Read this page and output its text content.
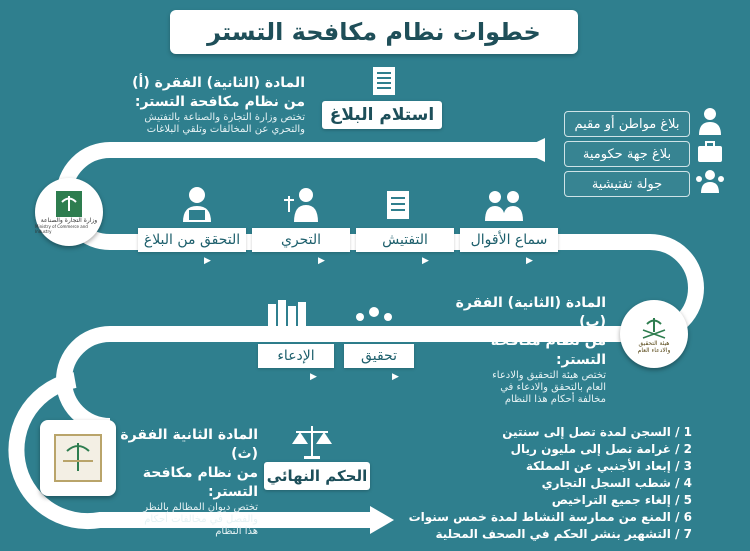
خطوات نظام مكافحة التستر
المادة (الثانية) الفقرة (أ)
من نظام مكافحة التستر:
تختص وزارة التجارة والصناعة بالتفتيش
والتحري عن المخالفات وتلقي البلاغات
استلام البلاغ	بلاغ مواطن أو مقيم
بلاغ جهة حكومية
جولة تفتيشية
وزارة التجارة والصناعة
Ministry of Commerce and Industry
سماع الأقوال
التفتيش
التحري
التحقق من البلاغ
▶
▶
▶
▶
المادة (الثانية) الفقرة (ب)
من نظام مكافحة التستر:
تختص هيئة التحقيق والادعاء
العام بالتحقق والادعاء في
مخالفة أحكام هذا النظام
هيئة التحقيق
والادعاء العام
تحقيق
الإدعاء
▶
▶
المادة الثانية الفقرة (ث)
من نظام مكافحة التستر:
تختص ديوان المظالم بالنظر
والفصل في مخالفات أحكام
هذا النظام
الحكم النهائي
1 / السجن لمدة تصل إلى سنتين
2 / غرامة تصل إلى مليون ريال
3 / إبعاد الأجنبي عن المملكة
4 / شطب السجل التجاري
5 / إلغاء جميع التراخيص
6 / المنع من ممارسة النشاط لمدة خمس سنوات
7 / التشهير بنشر الحكم في الصحف المحلية
